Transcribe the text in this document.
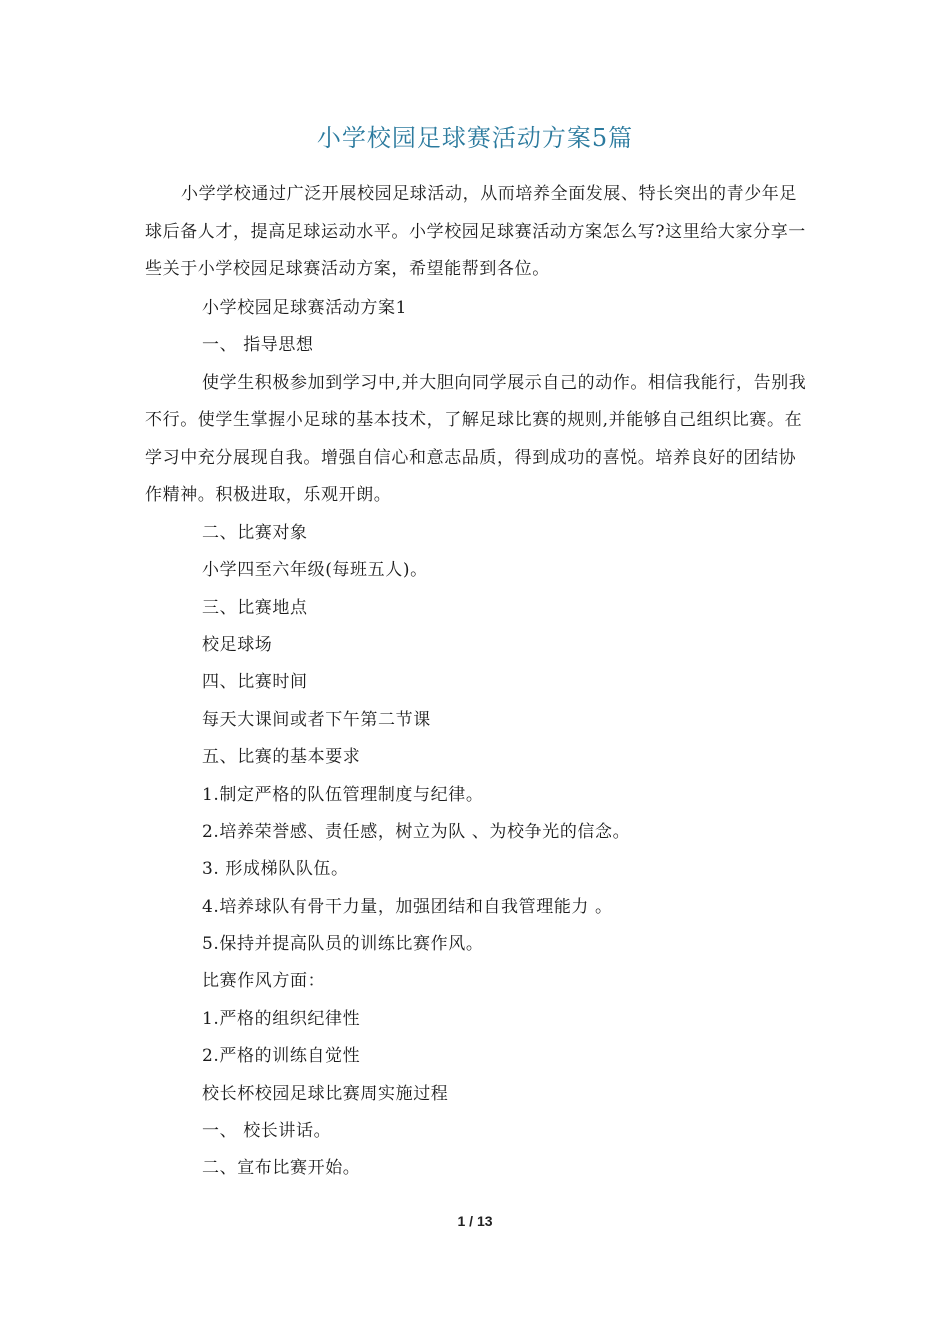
小学校园足球赛活动方案5篇

小学学校通过广泛开展校园足球活动，从而培养全面发展、特长突出的青少年足球后备人才，提高足球运动水平。小学校园足球赛活动方案怎么写?这里给大家分享一些关于小学校园足球赛活动方案，希望能帮到各位。

小学校园足球赛活动方案1
一、 指导思想

使学生积极参加到学习中,并大胆向同学展示自己的动作。相信我能行，告别我不行。使学生掌握小足球的基本技术，了解足球比赛的规则,并能够自己组织比赛。在学习中充分展现自我。增强自信心和意志品质，得到成功的喜悦。培养良好的团结协作精神。积极进取，乐观开朗。

二、比赛对象
小学四至六年级(每班五人)。
三、比赛地点
校足球场
四、比赛时间
每天大课间或者下午第二节课
五、比赛的基本要求
1.制定严格的队伍管理制度与纪律。
2.培养荣誉感、责任感，树立为队 、为校争光的信念。
3. 形成梯队队伍。
4.培养球队有骨干力量，加强团结和自我管理能力 。
5.保持并提高队员的训练比赛作风。
比赛作风方面：
1.严格的组织纪律性
2.严格的训练自觉性
校长杯校园足球比赛周实施过程
一、 校长讲话。
二、宣布比赛开始。
1 / 13
